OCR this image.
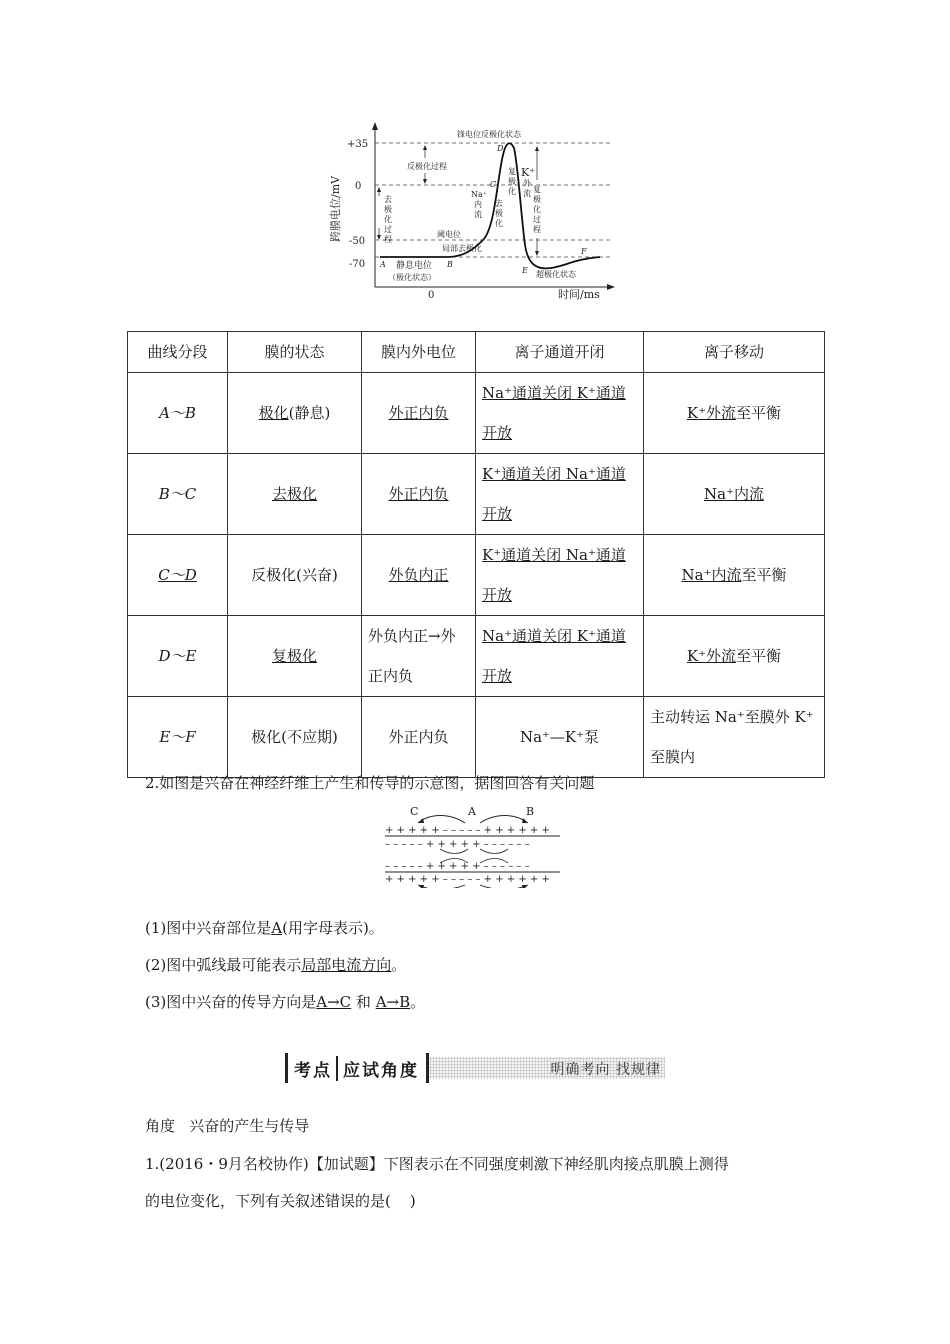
+35
0
-50
-70
0	时间/ms
跨膜电位/mV
锋电位反极化状态
反极化过程
去极化过程
阈电位
局部去极化
静息电位
（极化状态）
Na⁺内流
去极化
复极化
K⁺
外流 复极化过程
超极化状态
A	B
C
D
E
F
曲线分段	膜的状态	膜内外电位	离子通道开闭	离子移动
A～B	极化(静息)	外正内负	Na⁺通道关闭 K⁺通道开放	K⁺外流至平衡
B～C	去极化	外正内负	K⁺通道关闭 Na⁺通道开放	Na⁺内流
C～D	反极化(兴奋)	外负内正	K⁺通道关闭 Na⁺通道开放	Na⁺内流至平衡
D～E	复极化	外负内正→外正内负	Na⁺通道关闭 K⁺通道开放	K⁺外流至平衡
E～F	极化(不应期)	外正内负	Na⁺—K⁺泵	主动转运 Na⁺至膜外 K⁺至膜内
2.如图是兴奋在神经纤维上产生和传导的示意图，据图回答有关问题
C	A	B
+ + + + + – – – – – + + + + + +
– – – – – + + + + + – – – – – –
– – – – – + + + + + – – – – – –
+ + + + + – – – – – + + + + + +
(1)图中兴奋部位是A(用字母表示)。
(2)图中弧线最可能表示局部电流方向。
(3)图中兴奋的传导方向是A→C 和 A→B。
考点 应试角度	明确考向 找规律
角度   兴奋的产生与传导
1.(2016・9月名校协作)【加试题】下图表示在不同强度刺激下神经肌肉接点肌膜上测得
的电位变化，下列有关叙述错误的是(    )
